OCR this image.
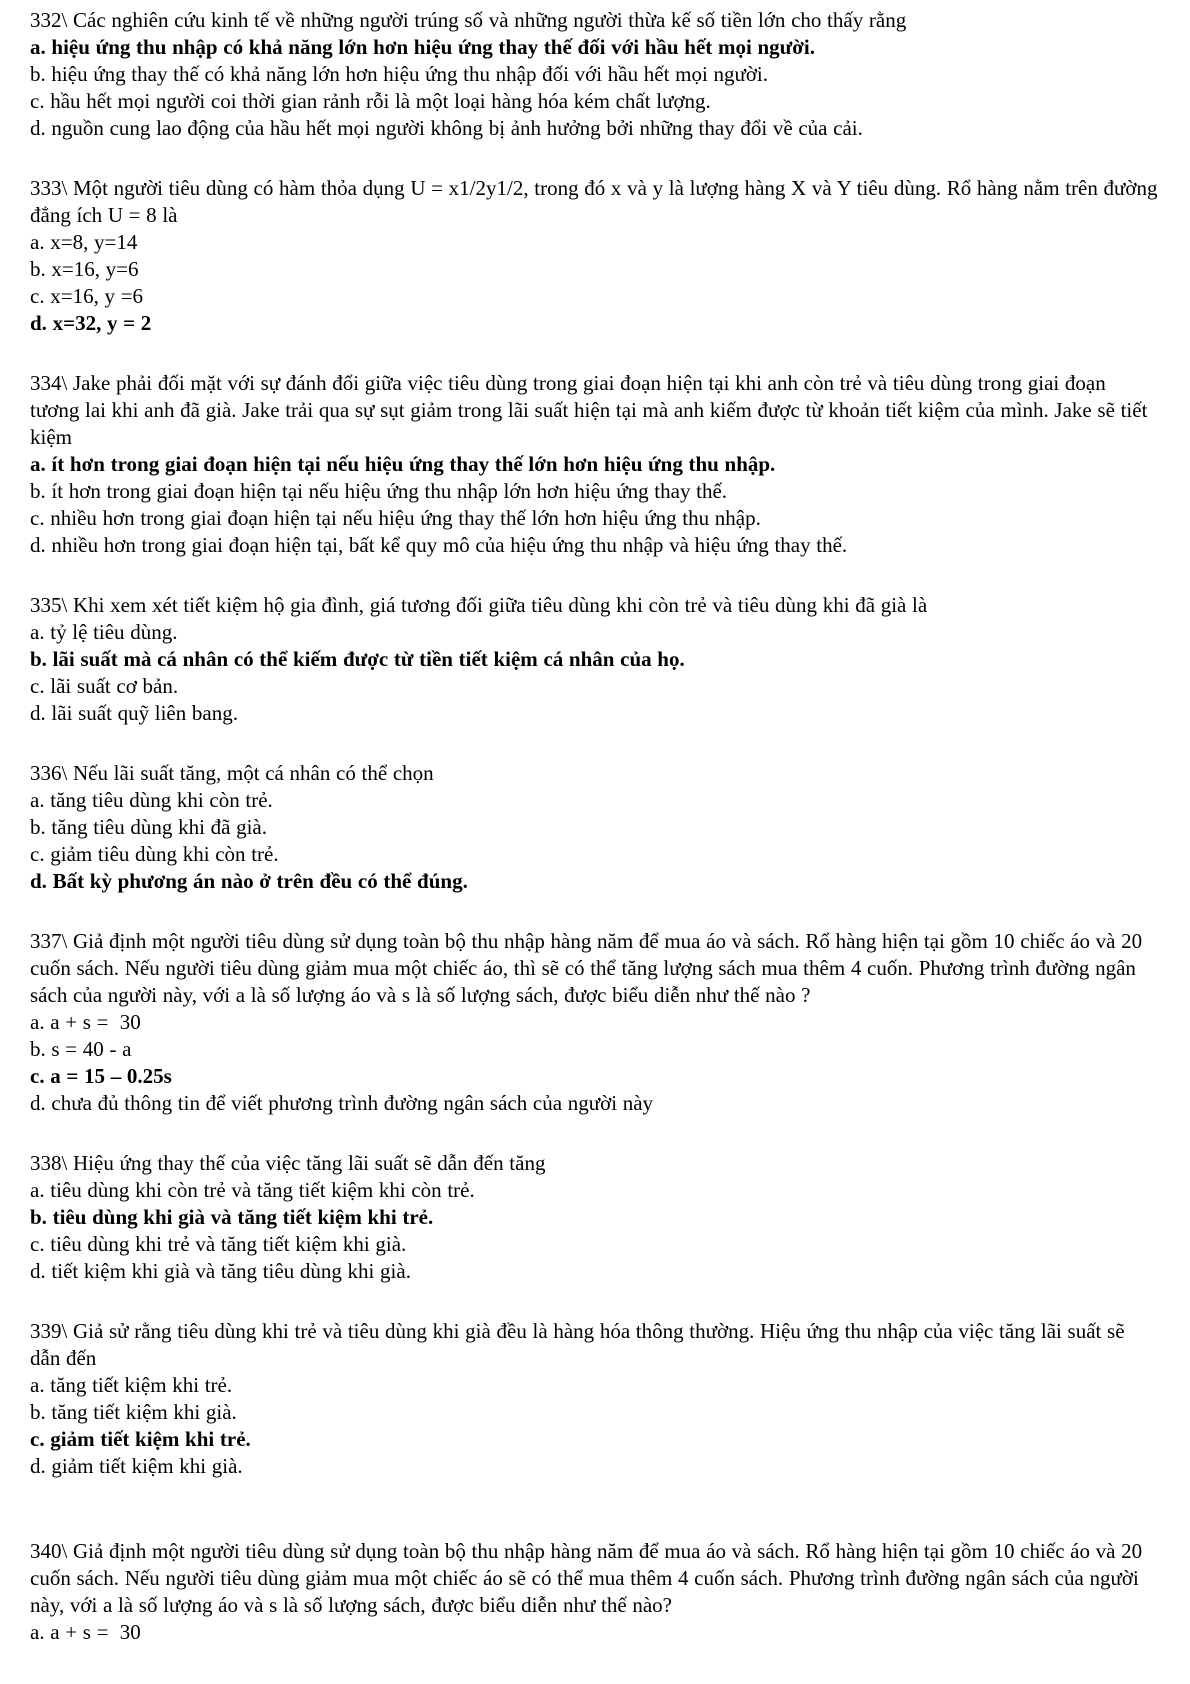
332\ Các nghiên cứu kinh tế về những người trúng số và những người thừa kế số tiền lớn cho thấy rằng

a. hiệu ứng thu nhập có khả năng lớn hơn hiệu ứng thay thế đối với hầu hết mọi người.

b. hiệu ứng thay thế có khả năng lớn hơn hiệu ứng thu nhập đối với hầu hết mọi người.

c. hầu hết mọi người coi thời gian rảnh rỗi là một loại hàng hóa kém chất lượng.

d. nguồn cung lao động của hầu hết mọi người không bị ảnh hưởng bởi những thay đổi về của cải.

333\ Một người tiêu dùng có hàm thỏa dụng U = x1/2y1/2, trong đó x và y là lượng hàng X và Y tiêu dùng. Rổ hàng nằm trên đường đẳng ích U = 8 là

a. x=8, y=14

b. x=16, y=6

c. x=16, y =6

d. x=32, y = 2

334\ Jake phải đối mặt với sự đánh đổi giữa việc tiêu dùng trong giai đoạn hiện tại khi anh còn trẻ và tiêu dùng trong giai đoạn tương lai khi anh đã già. Jake trải qua sự sụt giảm trong lãi suất hiện tại mà anh kiếm được từ khoản tiết kiệm của mình. Jake sẽ tiết kiệm

a. ít hơn trong giai đoạn hiện tại nếu hiệu ứng thay thế lớn hơn hiệu ứng thu nhập.

b. ít hơn trong giai đoạn hiện tại nếu hiệu ứng thu nhập lớn hơn hiệu ứng thay thế.

c. nhiều hơn trong giai đoạn hiện tại nếu hiệu ứng thay thế lớn hơn hiệu ứng thu nhập.

d. nhiều hơn trong giai đoạn hiện tại, bất kể quy mô của hiệu ứng thu nhập và hiệu ứng thay thế.

335\ Khi xem xét tiết kiệm hộ gia đình, giá tương đối giữa tiêu dùng khi còn trẻ và tiêu dùng khi đã già là

a. tỷ lệ tiêu dùng.

b. lãi suất mà cá nhân có thể kiếm được từ tiền tiết kiệm cá nhân của họ.

c. lãi suất cơ bản.

d. lãi suất quỹ liên bang.

336\ Nếu lãi suất tăng, một cá nhân có thể chọn

a. tăng tiêu dùng khi còn trẻ.

b. tăng tiêu dùng khi đã già.

c. giảm tiêu dùng khi còn trẻ.

d. Bất kỳ phương án nào ở trên đều có thể đúng.

337\ Giả định một người tiêu dùng sử dụng toàn bộ thu nhập hàng năm để mua áo và sách. Rổ hàng hiện tại gồm 10 chiếc áo và 20 cuốn sách. Nếu người tiêu dùng giảm mua một chiếc áo, thì sẽ có thể tăng lượng sách mua thêm 4 cuốn. Phương trình đường ngân sách của người này, với a là số lượng áo và s là số lượng sách, được biểu diễn như thế nào ?

a. a + s =  30

b. s = 40 - a

c. a = 15 – 0.25s

d. chưa đủ thông tin để viết phương trình đường ngân sách của người này

338\ Hiệu ứng thay thế của việc tăng lãi suất sẽ dẫn đến tăng

a. tiêu dùng khi còn trẻ và tăng tiết kiệm khi còn trẻ.

b. tiêu dùng khi già và tăng tiết kiệm khi trẻ.

c. tiêu dùng khi trẻ và tăng tiết kiệm khi già.

d. tiết kiệm khi già và tăng tiêu dùng khi già.

339\ Giả sử rằng tiêu dùng khi trẻ và tiêu dùng khi già đều là hàng hóa thông thường. Hiệu ứng thu nhập của việc tăng lãi suất sẽ dẫn đến

a. tăng tiết kiệm khi trẻ.

b. tăng tiết kiệm khi già.

c. giảm tiết kiệm khi trẻ.

d. giảm tiết kiệm khi già.

340\ Giả định một người tiêu dùng sử dụng toàn bộ thu nhập hàng năm để mua áo và sách. Rổ hàng hiện tại gồm 10 chiếc áo và 20 cuốn sách. Nếu người tiêu dùng giảm mua một chiếc áo sẽ có thể mua thêm 4 cuốn sách. Phương trình đường ngân sách của người này, với a là số lượng áo và s là số lượng sách, được biểu diễn như thế nào?

a. a + s =  30
